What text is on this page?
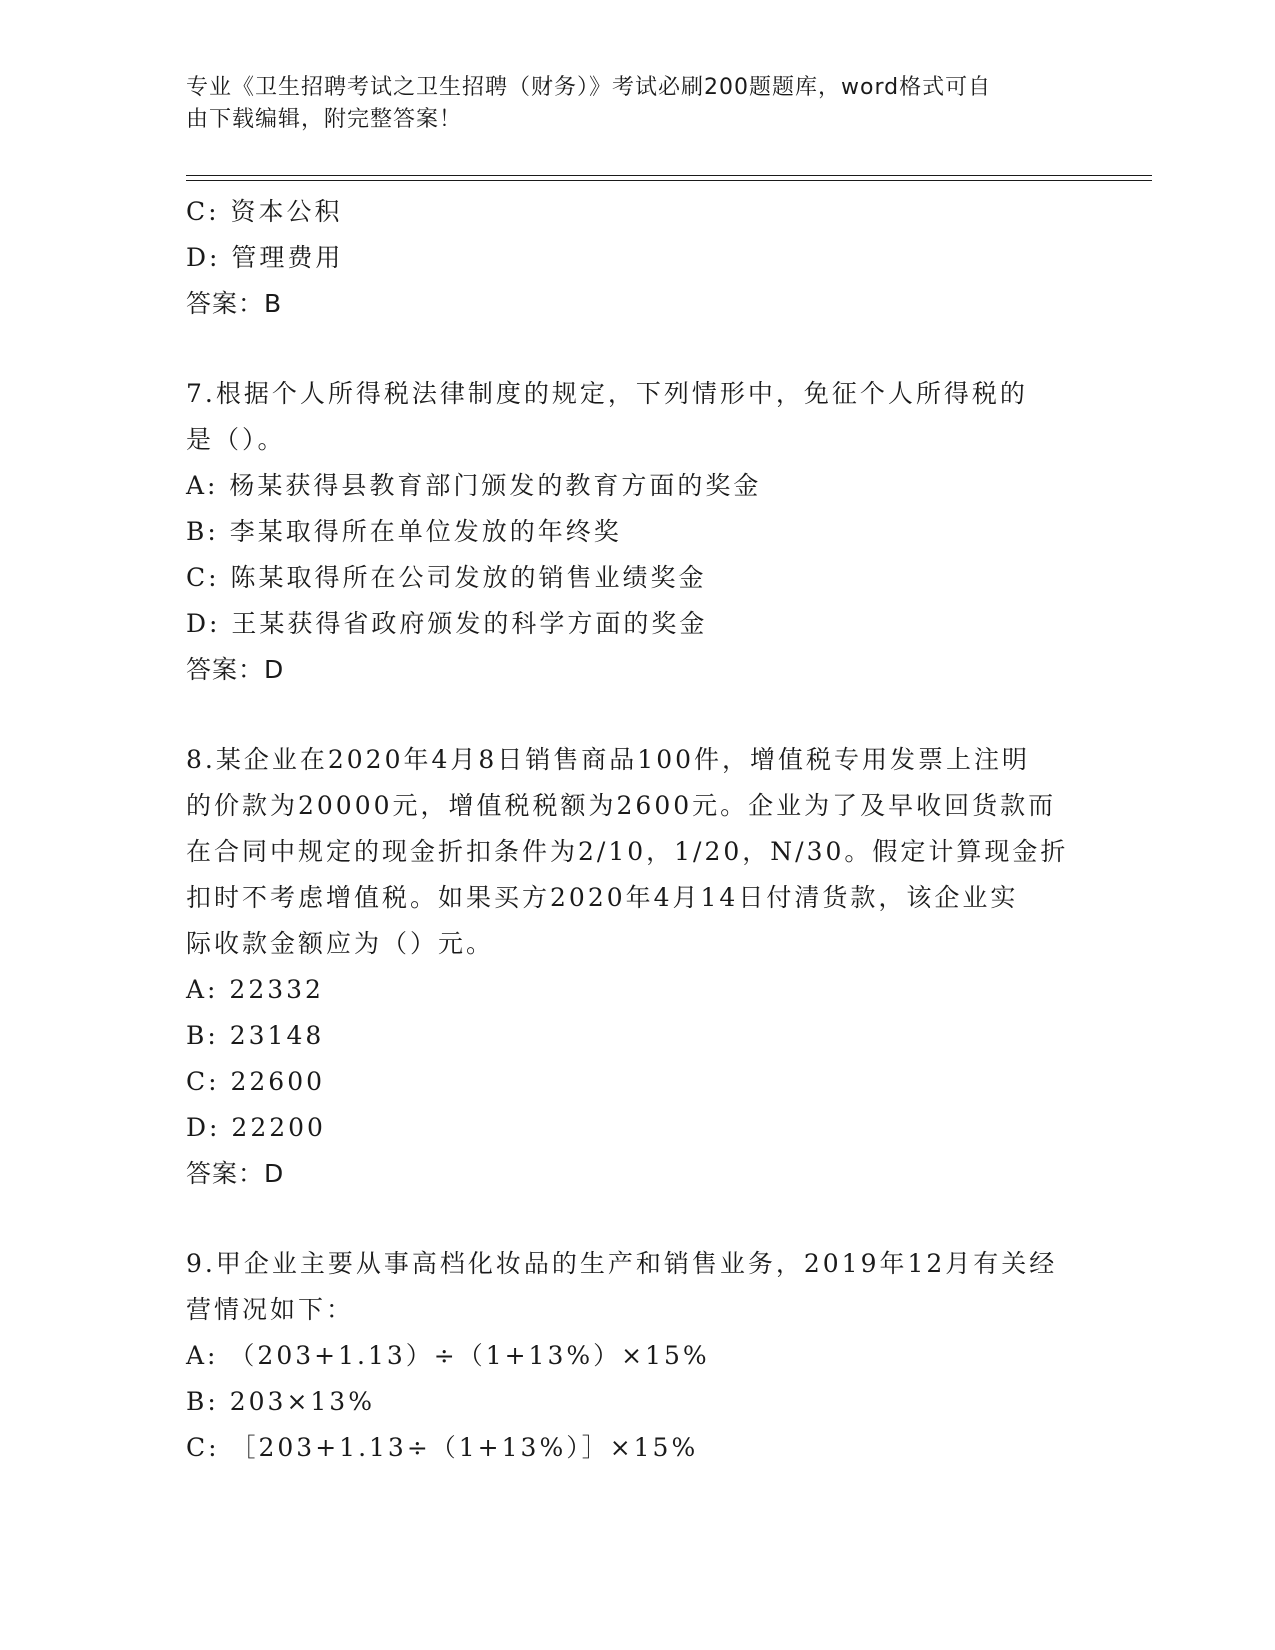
专业《卫生招聘考试之卫生招聘（财务）》考试必刷200题题库，word格式可自
由下载编辑，附完整答案！
C: 资本公积
D: 管理费用
答案：B
7.根据个人所得税法律制度的规定，下列情形中，免征个人所得税的
是（）。
A: 杨某获得县教育部门颁发的教育方面的奖金
B: 李某取得所在单位发放的年终奖
C: 陈某取得所在公司发放的销售业绩奖金
D: 王某获得省政府颁发的科学方面的奖金
答案：D
8.某企业在2020年4月8日销售商品100件，增值税专用发票上注明
的价款为20000元，增值税税额为2600元。企业为了及早收回货款而
在合同中规定的现金折扣条件为2/10，1/20，N/30。假定计算现金折
扣时不考虑增值税。如果买方2020年4月14日付清货款，该企业实
际收款金额应为（）元。
A: 22332
B: 23148
C: 22600
D: 22200
答案：D
9.甲企业主要从事高档化妆品的生产和销售业务，2019年12月有关经
营情况如下：
A: （203+1.13）÷（1+13%）×15%
B: 203×13%
C: ［203+1.13÷（1+13%）］×15%
